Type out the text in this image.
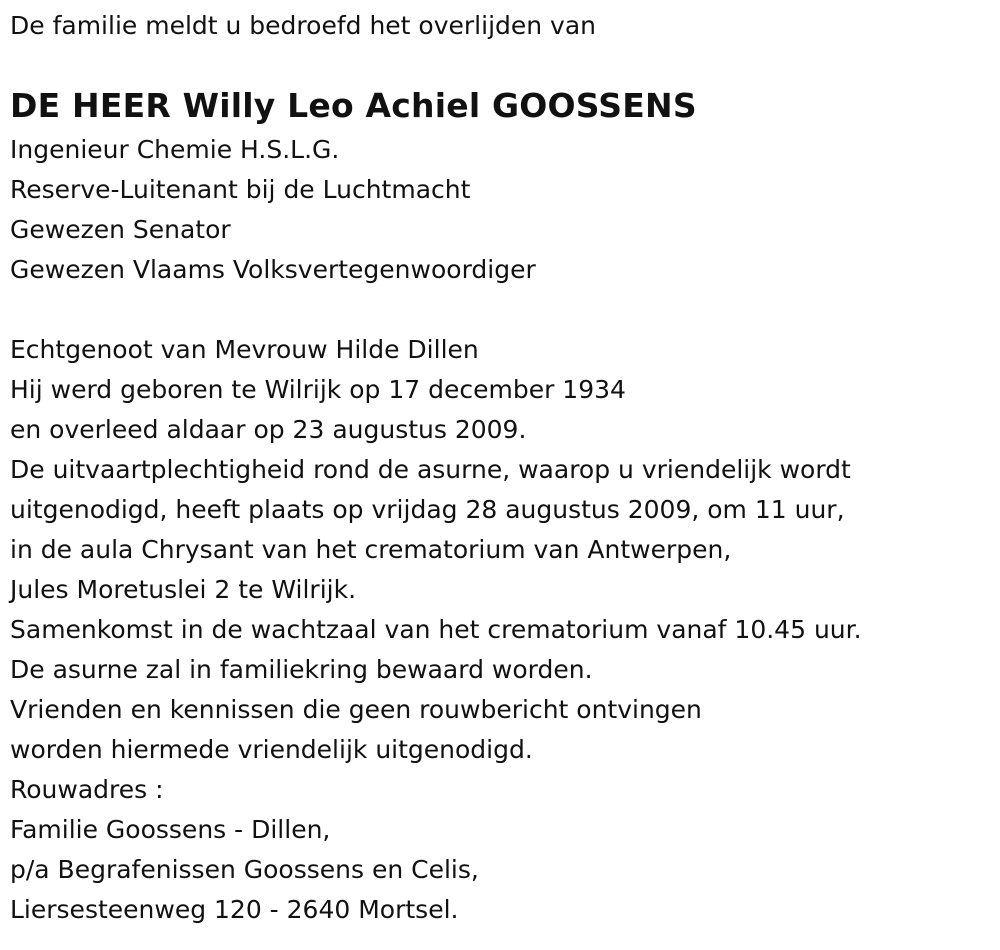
De familie meldt u bedroefd het overlijden van

DE HEER Willy Leo Achiel GOOSSENS

Ingenieur Chemie H.S.L.G.

Reserve-Luitenant bij de Luchtmacht

Gewezen Senator

Gewezen Vlaams Volksvertegenwoordiger

Echtgenoot van Mevrouw Hilde Dillen

Hij werd geboren te Wilrijk op 17 december 1934

en overleed aldaar op 23 augustus 2009.

De uitvaartplechtigheid rond de asurne, waarop u vriendelijk wordt

uitgenodigd, heeft plaats op vrijdag 28 augustus 2009, om 11 uur,

in de aula Chrysant van het crematorium van Antwerpen,

Jules Moretuslei 2 te Wilrijk.

Samenkomst in de wachtzaal van het crematorium vanaf 10.45 uur.

De asurne zal in familiekring bewaard worden.

Vrienden en kennissen die geen rouwbericht ontvingen

worden hiermede vriendelijk uitgenodigd.

Rouwadres :

Familie Goossens - Dillen,

p/a Begrafenissen Goossens en Celis,

Liersesteenweg 120 - 2640 Mortsel.
